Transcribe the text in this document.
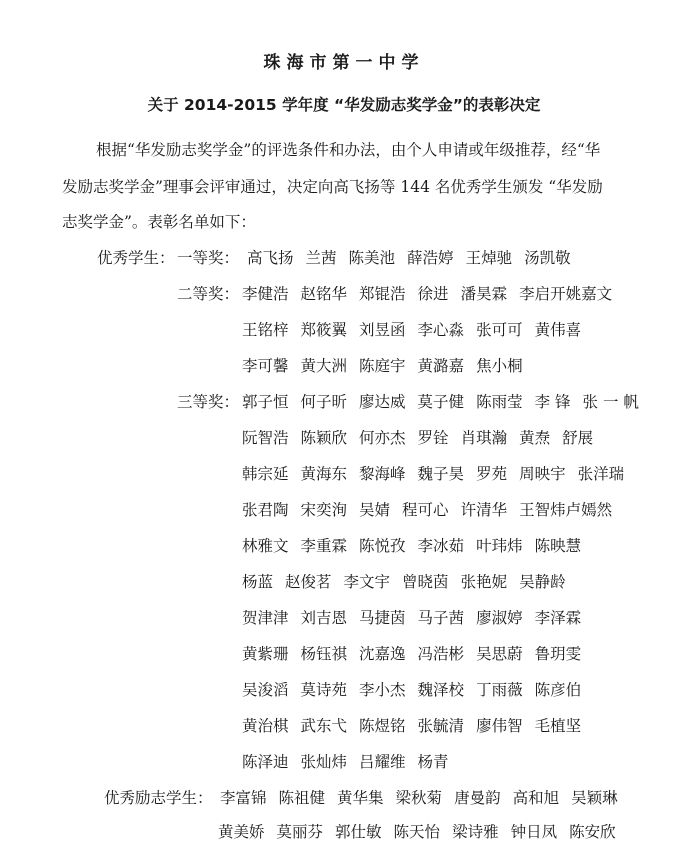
珠海市第一中学
关于 2014-2015 学年度 “华发励志奖学金”的表彰决定
根据“华发励志奖学金”的评选条件和办法，由个人申请或年级推荐，经“华
发励志奖学金”理事会评审通过，决定向高飞扬等 144 名优秀学生颁发 “华发励
志奖学金”。表彰名单如下：
优秀学生： 一等奖： 高飞扬 兰茜 陈美池 薛浩婷 王焯驰 汤凯敬
二等奖： 李健浩 赵铭华 郑锟浩 徐进 潘昊霖 李启开姚嘉文
王铭梓 郑筱翼 刘昱函 李心淼 张可可 黄伟喜
李可馨 黄大洲 陈庭宇 黄潞嘉 焦小桐
三等奖： 郭子恒 何子昕 廖达威 莫子健 陈雨莹 李 锋 张 一 帆
阮智浩 陈颖欣 何亦杰 罗铨 肖琪瀚 黄焘 舒展
韩宗延 黄海东 黎海峰 魏子昊 罗苑 周映宇 张洋瑞
张君陶 宋奕洵 吴婧 程可心 许清华 王智炜卢嫣然
林雅文 李重霖 陈悦孜 李冰茹 叶玮炜 陈映慧
杨蓝 赵俊茗 李文宇 曾晓茵 张艳妮 吴静龄
贺津津 刘吉恩 马捷茵 马子茜 廖淑婷 李泽霖
黄紫珊 杨钰祺 沈嘉逸 冯浩彬 吴思蔚 鲁玥雯
吴浚滔 莫诗苑 李小杰 魏泽校 丁雨薇 陈彦伯
黄治棋 武东弋 陈煜铭 张毓清 廖伟智 毛植坚
陈泽迪 张灿炜 吕耀维 杨青
优秀励志学生： 李富锦 陈祖健 黄华集 梁秋菊 唐曼韵 高和旭 吴颖琳
黄美娇 莫丽芬 郭仕敏 陈天怡 梁诗雅 钟日凤 陈安欣
